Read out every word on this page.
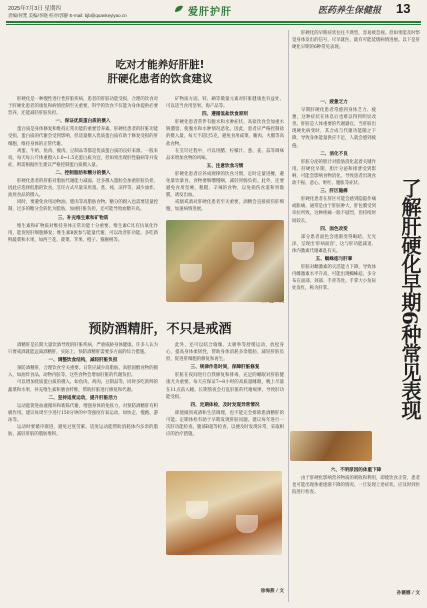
2025年7月3日 星期四
责编/何梵 美编/李晓 校对/郭静 E-mail: bjb@quankeyiyao.cn	爱肝护肝	医药养生保健报 13
吃对才能养好肝脏!
肝硬化患者的饮食建议

肝硬化是一种慢性进行性肝脏疾病，患者的肝脏功能受损，合理的饮食对于肝硬化患者的康复和病情控制至关重要。科学的饮食不仅能为身体提供必要营养，还能减轻肝脏负担。

一、保证优质蛋白质的摄入

蛋白质是身体修复和维持正常功能的重要营养素。肝硬化患者的肝脏功能受损，蛋白质的代谢会受到影响，但适量摄入优质蛋白质有助于修复受损的肝细胞，维持身体的正常代谢。

鸡蛋、牛奶、鱼肉、瘦肉、豆制品等都是优质蛋白质的良好来源。一般来说，每天每公斤体重摄入1.0~1.5克蛋白质为宜，但如果出现肝性脑病等并发症，则需根据医生建议严格控制蛋白质摄入量。

二、控制脂肪和糖分的摄入

肝硬化患者的肝脏对脂肪代谢能力减弱，过多摄入脂肪会加重肝脏负担，因此应选择低脂的饮食。烹饪方式尽量采用蒸、煮、炖、凉拌等，减少油炸、油煎食品的摄入。

同时，要避免食用动物油、肥肉等高脂肪食物。糖分的摄入也需要适量控制，过多的糖分会转化为脂肪，加重肝脏负担，还可能导致血糖升高。

三、补充维生素和矿物质

维生素和矿物质对维持身体正常功能十分重要。维生素C具有抗氧化作用，能促进肝细胞修复；维生素B族参与能量代谢，可以改善肝功能。多吃新鲜蔬菜和水果，如西兰花、菠菜、苹果、橙子、猕猴桃等。

矿物质方面，锌、硒等微量元素对肝脏健康也有益处，可以适当食用坚果、海产品等。

四、遵循低盐饮食原则

肝硬化患者常伴有腹水和水肿症状，高盐饮食会加重水钠潴留，使腹水和水肿情况恶化。因此，患者应严格控制盐的摄入量，每天不超过5克，避免食用咸菜、腌肉、火腿等高盐食物。

在烹饪过程中，可以用醋、柠檬汁、葱、姜、蒜等调味品来增加食物的风味。

五、注意饮食习惯

肝硬化患者应养成规律的饮食习惯，定时定量进餐，避免暴饮暴食。食物要细嚼慢咽，减轻胃肠负担。此外，还要避免食用坚硬、粗糙、辛辣的食物，以免损伤食道和胃黏膜，诱发出血。

戒烟戒酒对肝硬化患者至关重要，酒精会直接损伤肝细胞，加速病情进展。

预防酒精肝，不只是戒酒

酒精肝是长期大量饮酒导致的肝脏疾病，严重威胁身体健康。许多人认为只要戒酒就能远离酒精肝，实际上，预防酒精肝需要多方面的综合措施。

一、调整饮食结构，减轻肝脏负担

预防酒精肝，合理饮食至关重要。日常应减少高脂肪、高胆固醇食物的摄入，如油炸食品、动物内脏等。这些食物会增加肝脏的代谢负担。

可以增加优质蛋白质的摄入，如鱼肉、鸡肉、豆制品等，同时多吃新鲜的蔬菜和水果，补充维生素和膳食纤维，帮助肝脏进行修复和代谢。

二、坚持适度运动，提升肝脏活力

运动能促进血液循环和新陈代谢，增强身体的免疫力，对预防酒精肝有积极作用。建议每周至少进行150分钟的中等强度有氧运动，如快走、慢跑、游泳等。

运动时要循序渐进，避免过度劳累。适度运动能帮助消耗体内多余的脂肪，减轻肝脏的脂肪堆积。

此外，还可以结合瑜伽、太极拳等舒缓运动，放松身心，提高身体柔韧性，帮助身体消耗多余脂肪，减轻肝脏负担，促进肝细胞的修复和再生。

三、规律作息时间，保障肝脏修复

肝脏在夜间进行自我修复和排毒，充足的睡眠对肝脏健康尤为重要。每天应保证7~8小时的高质量睡眠，晚上尽量在11点前入睡。长期熬夜会打乱肝脏的代谢规律，导致肝功能受损。

四、定期体检，及时发现异常情况

即使做到戒酒和生活调理，也不能完全排除患酒精肝的可能。定期体检有助于早期发现肝脏问题。建议每年进行一次肝功能检查、腹部B超等检查，以便及时发现异常，采取相应的治疗措施。

徐海燕 / 文

肝硬化的早期症状往往不典型，容易被忽视。但如果能及时察觉身体发出的信号，尽早就医，就有可能延缓病情进展。以下是肝硬化早期的6种常见表现。

一、疲惫乏力

早期肝硬化患者常感到身体乏力、疲惫，这种症状在休息后也难以得到明显改善。肝脏是人体重要的代谢器官，当肝脏出现硬化病变时，其合成与代谢功能随之下降，导致身体能量供应不足，人就会感到疲倦。

二、消化不良

肝脏分泌的胆汁对脂肪消化起着关键作用。肝硬化早期，胆汁分泌和排泄受到影响，可能会影响食物消化，导致患者出现食欲不振、恶心、呕吐、腹胀等症状。

三、肝区隐痛

肝硬化患者在肝区可能会感到隐隐作痛或胀痛，通常是由于肝脏肿大，肝包膜受到牵拉所致。这种疼痛一般不剧烈，但持续时间较长。

四、面色改变

部分患者面色会逐渐变得晦暗、无光泽，呈现出'肝病面容'，这与肝功能减退、体内激素代谢紊乱有关。

五、蜘蛛痣与肝掌

肝脏对雌激素的灭活能力下降，导致体内雌激素水平升高，可能出现蜘蛛痣，多分布在面部、颈部、手背等处。手掌大小鱼际处发红，称为肝掌。	了解肝硬化早期6种常见表现
六、不明原因的体重下降

由于肝硬化影响营养物质的吸收和利用，即使饮食正常，患者也可能出现体重逐渐下降的情况。一旦发现上述症状，应及时到医院进行检查。

孙薇娜 / 文
